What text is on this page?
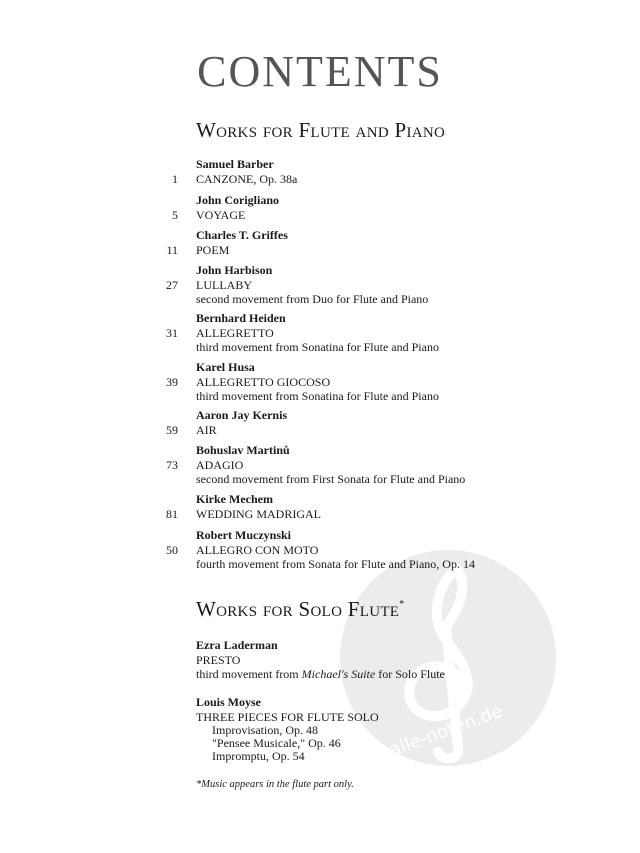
alle-noten.de
CONTENTS
Works for Flute and Piano
Samuel Barber
1 CANZONE, Op. 38a
John Corigliano
5 VOYAGE
Charles T. Griffes
11 POEM
John Harbison
27 LULLABY
second movement from Duo for Flute and Piano
Bernhard Heiden
31 ALLEGRETTO
third movement from Sonatina for Flute and Piano
Karel Husa
39 ALLEGRETTO GIOCOSO
third movement from Sonatina for Flute and Piano
Aaron Jay Kernis
59 AIR
Bohuslav Martinů
73 ADAGIO
second movement from First Sonata for Flute and Piano
Kirke Mechem
81 WEDDING MADRIGAL
Robert Muczynski
50 ALLEGRO CON MOTO
fourth movement from Sonata for Flute and Piano, Op. 14
Works for Solo Flute*
Ezra Laderman
PRESTO
third movement from Michael's Suite for Solo Flute
Louis Moyse
THREE PIECES FOR FLUTE SOLO
Improvisation, Op. 48
"Pensee Musicale," Op. 46
Impromptu, Op. 54
*Music appears in the flute part only.
